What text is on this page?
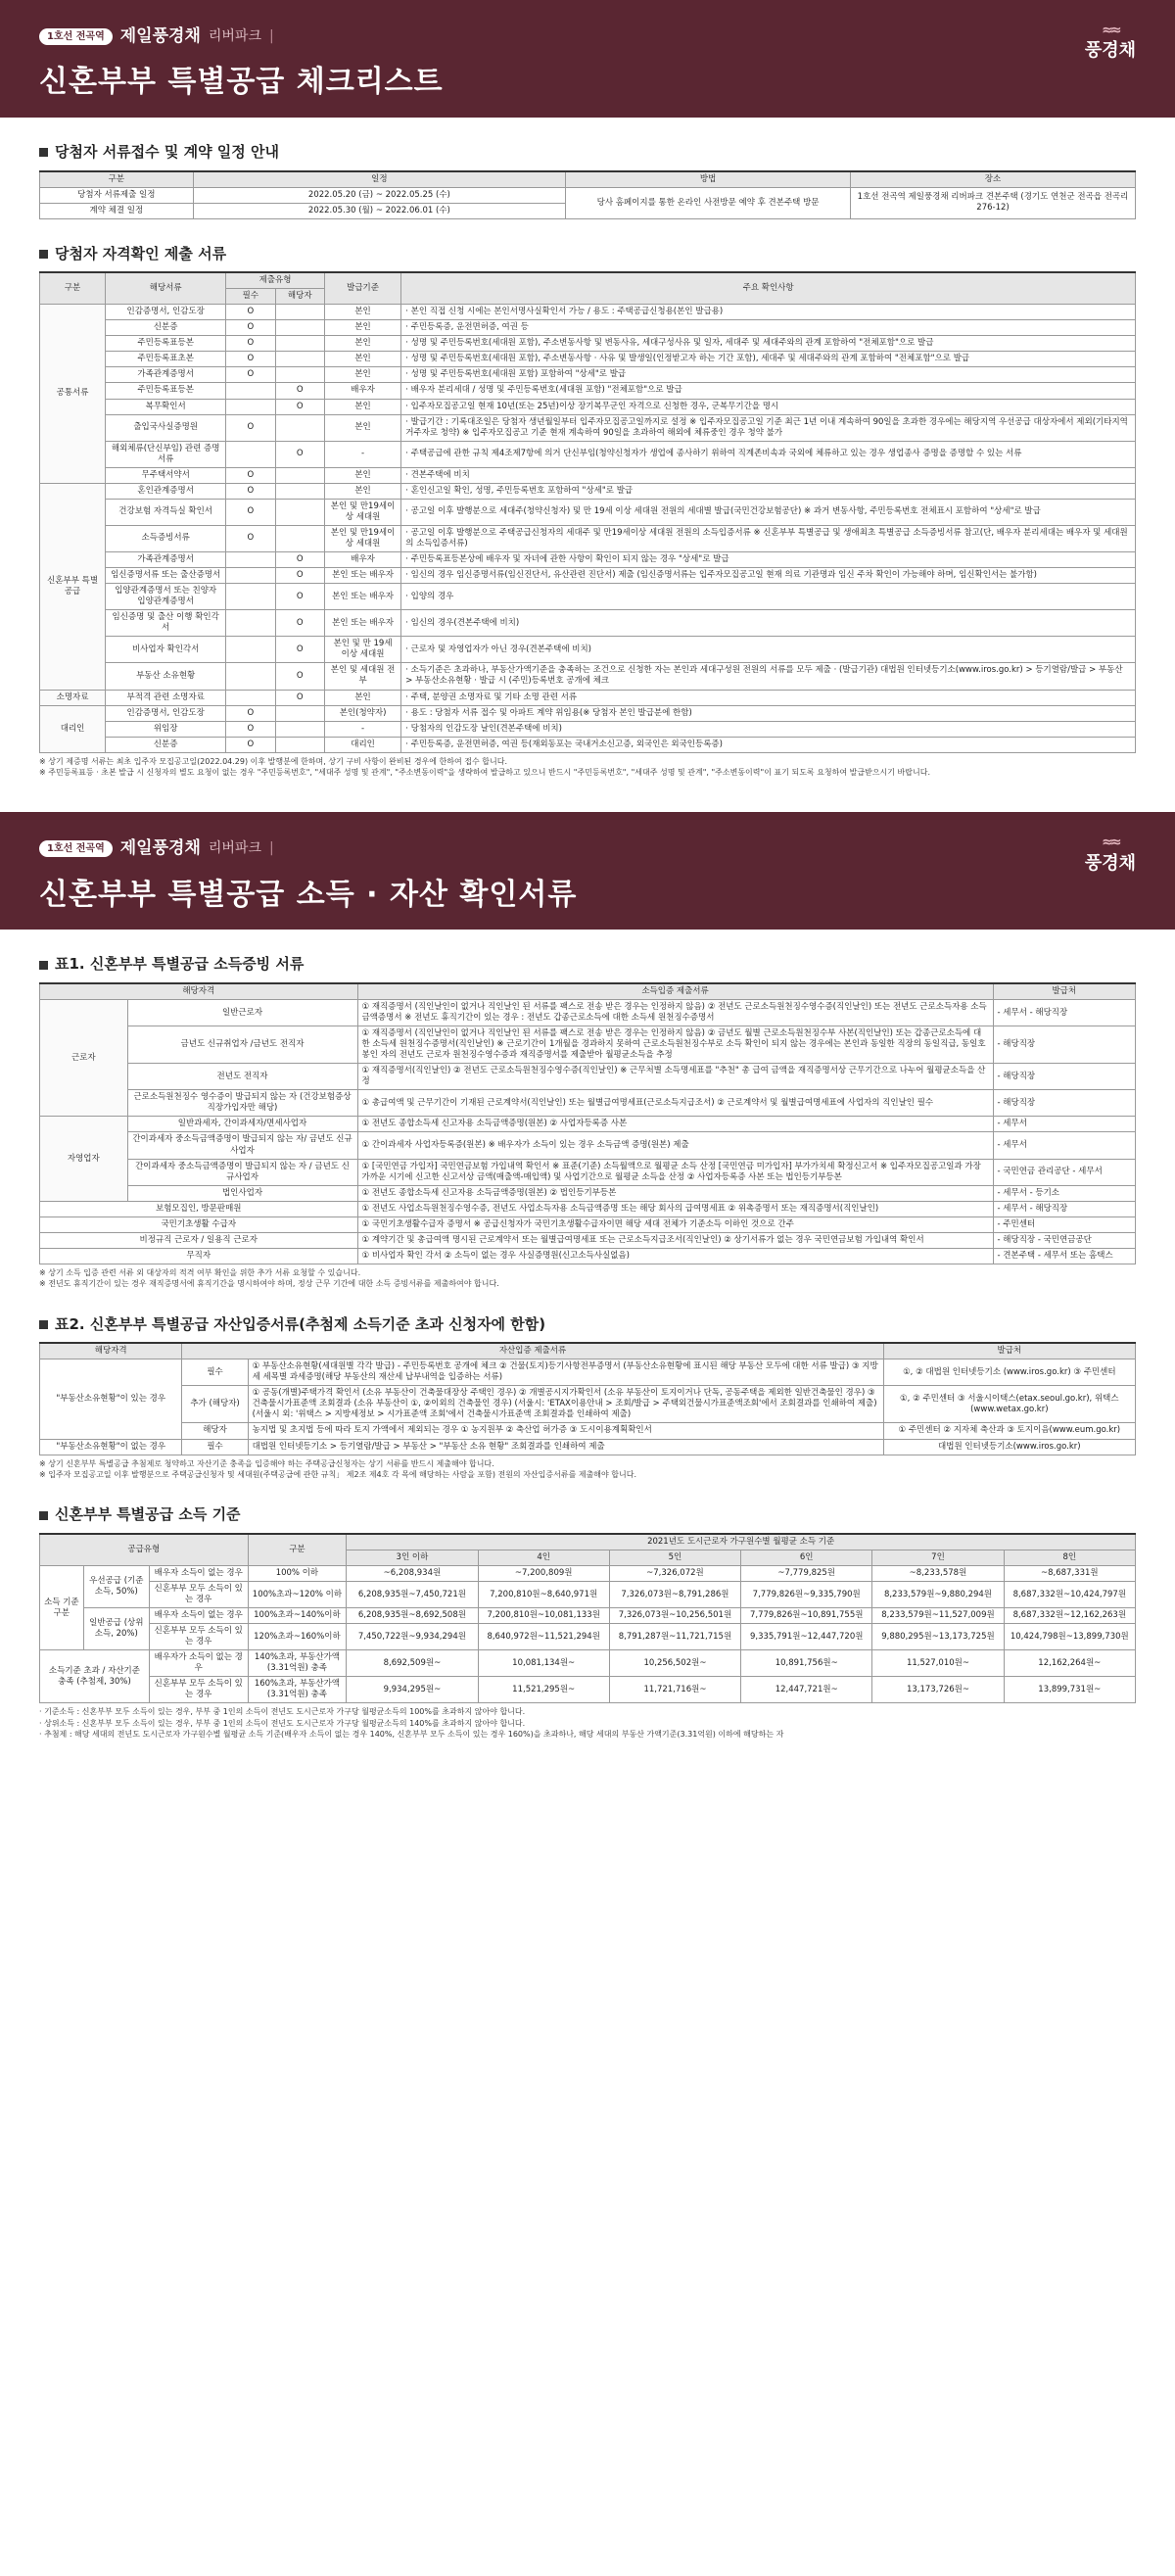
1호선 전곡역 제일풍경채 리버파크 |
신혼부부 특별공급 체크리스트
≈≈
풍경채
당첨자 서류접수 및 계약 일정 안내
구분	일정	방법	장소
당첨자 서류제출 일정	2022.05.20 (금) ~ 2022.05.25 (수)	당사 홈페이지를 통한 온라인 사전방문 예약 후 견본주택 방문	1호선 전곡역 제일풍경채 리버파크 견본주택 (경기도 연천군 전곡읍 전곡리 276-12)
계약 체결 일정	2022.05.30 (월) ~ 2022.06.01 (수)		
당첨자 자격확인 제출 서류
구분	해당서류	제출유형		발급기준	주요 확인사항
		필수	해당자		
공통서류	인감증명서, 인감도장	O		본인	· 본인 직접 신청 시에는 본인서명사실확인서 가능 / 용도 : 주택공급신청용(본인 발급용)
	신분증	O		본인	· 주민등록증, 운전면허증, 여권 등
	주민등록표등본	O		본인	· 성명 및 주민등록번호(세대원 포함), 주소변동사항 및 변동사유, 세대구성사유 및 일자, 세대주 및 세대주와의 관계 포함하여 "전체포함"으로 발급
	주민등록표초본	O		본인	· 성명 및 주민등록번호(세대원 포함), 주소변동사항 · 사유 및 발생일(인정받고자 하는 기간 포함), 세대주 및 세대주와의 관계 포함하여 "전체포함"으로 발급
	가족관계증명서	O		본인	· 성명 및 주민등록번호(세대원 포함) 포함하여 "상세"로 발급
	주민등록표등본		O	배우자	· 배우자 분리세대 / 성명 및 주민등록번호(세대원 포함) "전체포함"으로 발급
	복무확인서		O	본인	· 입주자모집공고일 현재 10년(또는 25년)이상 장기복무군인 자격으로 신청한 경우, 군복무기간을 명시
	출입국사실증명원	O		본인	· 발급기간 : 기록대조일은 당첨자 생년월일부터 입주자모집공고일까지로 설정 ※ 입주자모집공고일 기준 최근 1년 이내 계속하여 90일을 초과한 경우에는 해당지역 우선공급 대상자에서 제외(기타지역 거주자로 청약) ※ 입주자모집공고 기준 현재 계속하여 90일을 초과하여 해외에 체류중인 경우 청약 불가
	해외체류(단신부임) 관련 증명서류		O	-	· 주택공급에 관한 규칙 제4조제7항에 의거 단신부임(청약신청자가 생업에 종사하기 위하여 직계존비속과 국외에 체류하고 있는 경우 생업종사 증명을 증명할 수 있는 서류
	무주택서약서	O		본인	· 견본주택에 비치
신혼부부 특별공급	혼인관계증명서	O		본인	· 혼인신고일 확인, 성명, 주민등록번호 포함하여 "상세"로 발급
	건강보험 자격득실 확인서	O		본인 및 만19세이상 세대원	· 공고일 이후 발행분으로 세대주(청약신청자) 및 만 19세 이상 세대원 전원의 세대별 발급(국민건강보험공단) ※ 과거 변동사항, 주민등록번호 전체표시 포함하여 "상세"로 발급
	소득증빙서류	O		본인 및 만19세이상 세대원	· 공고일 이후 발행분으로 주택공급신청자의 세대주 및 만19세이상 세대원 전원의 소득입증서류 ※ 신혼부부 특별공급 및 생애최초 특별공급 소득증빙서류 참고(단, 배우자 분리세대는 배우자 및 세대원의 소득입증서류)
	가족관계증명서		O	배우자	· 주민등록표등본상에 배우자 및 자녀에 관한 사항이 확인이 되지 않는 경우 "상세"로 발급
	임신증명서류 또는 출산증명서		O	본인 또는 배우자	· 임신의 경우 임신증명서류(임신진단서, 유산관련 진단서) 제출 (임신증명서류는 입주자모집공고일 현재 의료 기관명과 임신 주차 확인이 가능해야 하며, 임신확인서는 불가함)
	입양관계증명서 또는 친양자 입양관계증명서		O	본인 또는 배우자	· 입양의 경우
	임신증명 및 출산 이행 확인각서		O	본인 또는 배우자	· 임신의 경우(견본주택에 비치)
	비사업자 확인각서		O	본인 및 만 19세 이상 세대원	· 근로자 및 자영업자가 아닌 경우(견본주택에 비치)
	부동산 소유현황		O	본인 및 세대원 전부	· 소득기준은 초과하나, 부동산가액기준을 충족하는 조건으로 신청한 자는 본인과 세대구성원 전원의 서류를 모두 제출 · (발급기관) 대법원 인터넷등기소(www.iros.go.kr) > 등기열람/발급 > 부동산 > 부동산소유현황 · 발급 시 (주민)등록번호 공개에 체크
소명자료	부적격 관련 소명자료		O	본인	· 주택, 분양권 소명자료 및 기타 소명 관련 서류
대리인	인감증명서, 인감도장	O		본인(청약자)	· 용도 : 당첨자 서류 접수 및 아파트 계약 위임용(※ 당첨자 본인 발급분에 한함)
	위임장	O		-	· 당첨자의 인감도장 날인(견본주택에 비치)
	신분증	O		대리인	· 주민등록증, 운전면허증, 여권 등(재외동포는 국내거소신고증, 외국인은 외국인등록증)
※ 상기 제증명 서류는 최초 입주자 모집공고일(2022.04.29) 이후 발행분에 한하며, 상기 구비 사항이 완비된 경우에 한하여 접수 합니다.
※ 주민등록표등 · 초본 발급 시 신청자의 별도 요청이 없는 경우 "주민등록번호", "세대주 성명 및 관계", "주소변동이력"을 생략하여 발급하고 있으니 반드시 "주민등록번호", "세대주 성명 및 관계", "주소변동이력"이 표기 되도록 요청하여 발급받으시기 바랍니다.
1호선 전곡역 제일풍경채 리버파크 |
신혼부부 특별공급 소득 · 자산 확인서류
≈≈
풍경채
표1. 신혼부부 특별공급 소득증빙 서류
해당자격		소득입증 제출서류	발급처
근로자	일반근로자	① 재직증명서 (직인날인이 없거나 직인날인 된 서류를 팩스로 전송 받은 경우는 인정하지 않음) ② 전년도 근로소득원천징수영수증(직인날인) 또는 전년도 근로소득자용 소득금액증명서 ※ 전년도 휴직기간이 있는 경우 : 전년도 갑종근로소득에 대한 소득세 원천징수증명서	- 세무서 - 해당직장
	금년도 신규취업자 /금년도 전직자	① 재직증명서 (직인날인이 없거나 직인날인 된 서류를 팩스로 전송 받은 경우는 인정하지 않음) ② 금년도 월별 근로소득원천징수부 사본(직인날인) 또는 갑종근로소득에 대한 소득세 원천징수증명서(직인날인) ※ 근로기간이 1개월을 경과하지 못하여 근로소득원천징수부로 소득 확인이 되지 않는 경우에는 본인과 동일한 직장의 동일직급, 동일호봉인 자의 전년도 근로자 원천징수영수증과 재직증명서를 제출받아 월평균소득을 추정	- 해당직장
	전년도 전직자	① 재직증명서(직인날인) ② 전년도 근로소득원천징수영수증(직인날인) ※ 근무처별 소득명세표를 "추천" 총 급여 금액을 재직증명서상 근무기간으로 나누어 월평균소득을 산정	- 해당직장
	근로소득원천징수 영수증이 발급되지 않는 자 (건강보험증상 직장가입자만 해당)	① 총급여액 및 근무기간이 기재된 근로계약서(직인날인) 또는 월별급여명세표(근로소득지급조서) ② 근로계약서 및 월별급여명세표에 사업자의 직인날인 필수	- 해당직장
자영업자	일반과세자, 간이과세자/면세사업자	① 전년도 종합소득세 신고자용 소득금액증명(원본) ② 사업자등록증 사본	- 세무서
	간이과세자 중소득금액증명이 발급되지 않는 자/ 금년도 신규사업자	① 간이과세자 사업자등록증(원본) ※ 배우자가 소득이 있는 경우 소득금액 증명(원본) 제출	- 세무서
	간이과세자 중소득금액증명이 발급되지 않는 자 / 금년도 신규사업자	① [국민연금 가입자] 국민연금보험 가입내역 확인서 ※ 표준(기준) 소득월액으로 월평균 소득 산정 [국민연금 미가입자] 부가가치세 확정신고서 ※ 입주자모집공고일과 가장 가까운 시기에 신고한 신고서상 금액(매출액-매입액) 및 사업기간으로 월평균 소득을 산정 ② 사업자등록증 사본 또는 법인등기부등본	- 국민연금 관리공단 - 세무서
	법인사업자	① 전년도 종합소득세 신고자용 소득금액증명(원본) ② 법인등기부등본	- 세무서 - 등기소
보험모집인, 방문판매원		① 전년도 사업소득원천징수영수증, 전년도 사업소득자용 소득금액증명 또는 해당 회사의 급여명세표 ② 위촉증명서 또는 재직증명서(직인날인)	- 세무서 - 해당직장
국민기초생활 수급자		① 국민기초생활수급자 증명서 ※ 공급신청자가 국민기초생활수급자이면 해당 세대 전체가 기준소득 이하인 것으로 간주	- 주민센터
비정규직 근로자 / 일용직 근로자		① 계약기간 및 총급여액 명시된 근로계약서 또는 월별급여명세표 또는 근로소득지급조서(직인날인) ② 상기서류가 없는 경우 국민연금보험 가입내역 확인서	- 해당직장 - 국민연금공단
무직자		① 비사업자 확인 각서 ② 소득이 없는 경우 사실증명원(신고소득사실없음)	- 견본주택 - 세무서 또는 홈택스
※ 상기 소득 입증 관련 서류 외 대상자의 적격 여부 확인을 위한 추가 서류 요청할 수 있습니다.
※ 전년도 휴직기간이 있는 경우 재직증명서에 휴직기간을 명시하여야 하며, 정상 근무 기간에 대한 소득 증빙서류를 제출하여야 합니다.
표2. 신혼부부 특별공급 자산입증서류(추첨제 소득기준 초과 신청자에 한함)
해당자격	자산입증 제출서류		발급처
"부동산소유현황"이 있는 경우	필수	① 부동산소유현황(세대원별 각각 발급) - 주민등록번호 공개에 체크 ② 건물(토지)등기사항전부증명서 (부동산소유현황에 표시된 해당 부동산 모두에 대한 서류 발급) ③ 지방세 세목별 과세증명(해당 부동산의 재산세 납부내역을 입증하는 서류)	①, ② 대법원 인터넷등기소 (www.iros.go.kr) ③ 주민센터
	추가 (해당자)	① 공동(개별)주택가격 확인서 (소유 부동산이 건축물대장상 주택인 경우) ② 개별공시지가확인서 (소유 부동산이 토지이거나 단독, 공동주택을 제외한 일반건축물인 경우) ③ 건축물시가표준액 조회결과 (소유 부동산이 ①, ②이외의 건축물인 경우) (서울시: 'ETAX이용안내 > 조회/발급 > 주택외건물시가표준액조회'에서 조회결과를 인쇄하여 제출) (서울시 외: '위택스 > 지방세정보 > 시가표준액 조회'에서 건축물시가표준액 조회결과를 인쇄하여 제출)	①, ② 주민센터 ③ 서울시이택스(etax.seoul.go.kr), 위택스(www.wetax.go.kr)
	해당자	농지법 및 초지법 등에 따라 토지 가액에서 제외되는 경우 ① 농지원부 ② 축산업 허가증 ③ 도시이용계획확인서	① 주민센터 ② 지자체 축산과 ③ 토지이음(www.eum.go.kr)
"부동산소유현황"이 없는 경우	필수	대법원 인터넷등기소 > 등기열람/발급 > 부동산 > "부동산 소유 현황" 조회결과를 인쇄하여 제출	대법원 인터넷등기소(www.iros.go.kr)
※ 상기 신혼부부 특별공급 추첨제로 청약하고 자산기준 충족을 입증해야 하는 주택공급신청자는 상기 서류를 반드시 제출해야 합니다.
※ 입주자 모집공고일 이후 발행분으로 주택공급신청자 및 세대원(주택공급에 관한 규칙」 제2조 제4호 각 목에 해당하는 사람을 포함) 전원의 자산입증서류를 제출해야 합니다.
신혼부부 특별공급 소득 기준
공급유형			구분	2021년도 도시근로자 가구원수별 월평균 소득 기준					
				3인 이하	4인	5인	6인	7인	8인
소득 기준 구분	우선공급 (기준소득, 50%)	배우자 소득이 없는 경우	100% 이하	~6,208,934원	~7,200,809원	~7,326,072원	~7,779,825원	~8,233,578원	~8,687,331원
		신혼부부 모두 소득이 있는 경우	100%초과~120% 이하	6,208,935원~7,450,721원	7,200,810원~8,640,971원	7,326,073원~8,791,286원	7,779,826원~9,335,790원	8,233,579원~9,880,294원	8,687,332원~10,424,797원
	일반공급 (상위소득, 20%)	배우자 소득이 없는 경우	100%초과~140%이하	6,208,935원~8,692,508원	7,200,810원~10,081,133원	7,326,073원~10,256,501원	7,779,826원~10,891,755원	8,233,579원~11,527,009원	8,687,332원~12,162,263원
		신혼부부 모두 소득이 있는 경우	120%초과~160%이하	7,450,722원~9,934,294원	8,640,972원~11,521,294원	8,791,287원~11,721,715원	9,335,791원~12,447,720원	9,880,295원~13,173,725원	10,424,798원~13,899,730원
소득기준 초과 / 자산기준 충족 (추첨제, 30%)		배우자가 소득이 없는 경우	140%초과, 부동산가액 (3.31억원) 충족	8,692,509원~	10,081,134원~	10,256,502원~	10,891,756원~	11,527,010원~	12,162,264원~
		신혼부부 모두 소득이 있는 경우	160%초과, 부동산가액 (3.31억원) 충족	9,934,295원~	11,521,295원~	11,721,716원~	12,447,721원~	13,173,726원~	13,899,731원~
· 기준소득 : 신혼부부 모두 소득이 있는 경우, 부부 중 1인의 소득이 전년도 도시근로자 가구당 월평균소득의 100%를 초과하지 않아야 합니다.
· 상위소득 : 신혼부부 모두 소득이 있는 경우, 부부 중 1인의 소득이 전년도 도시근로자 가구당 월평균소득의 140%를 초과하지 않아야 합니다.
· 추첨제 : 해당 세대의 전년도 도시근로자 가구원수별 월평균 소득 기준(배우자 소득이 없는 경우 140%, 신혼부부 모두 소득이 있는 경우 160%)을 초과하나, 해당 세대의 부동산 가액기준(3.31억원) 이하에 해당하는 자
